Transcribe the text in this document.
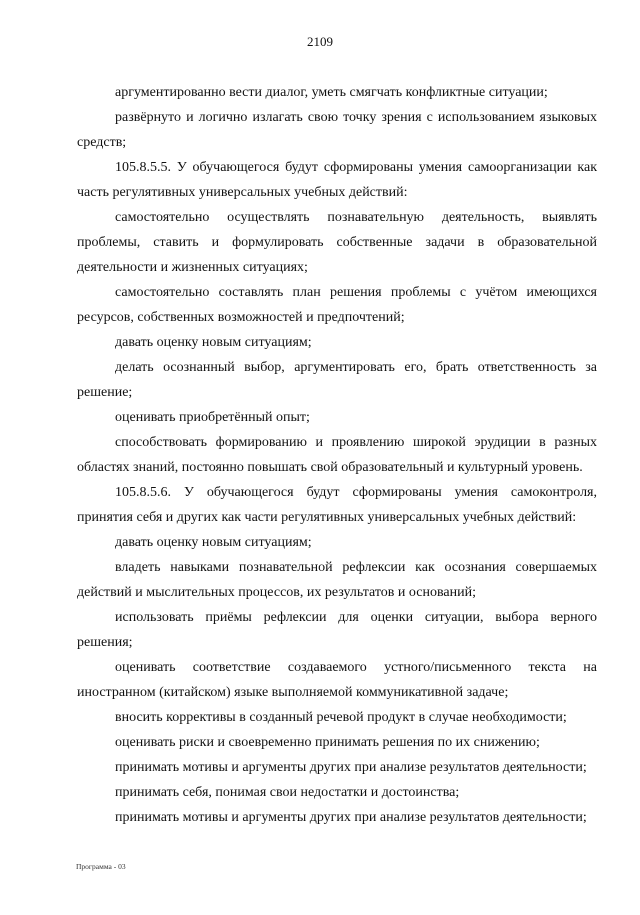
2109

аргументированно вести диалог, уметь смягчать конфликтные ситуации;

развёрнуто и логично излагать свою точку зрения с использованием языковых средств;

105.8.5.5. У обучающегося будут сформированы умения самоорганизации как часть регулятивных универсальных учебных действий:

самостоятельно осуществлять познавательную деятельность, выявлять проблемы, ставить и формулировать собственные задачи в образовательной деятельности и жизненных ситуациях;

самостоятельно составлять план решения проблемы с учётом имеющихся ресурсов, собственных возможностей и предпочтений;

давать оценку новым ситуациям;

делать осознанный выбор, аргументировать его, брать ответственность за решение;

оценивать приобретённый опыт;

способствовать формированию и проявлению широкой эрудиции в разных областях знаний, постоянно повышать свой образовательный и культурный уровень.

105.8.5.6. У обучающегося будут сформированы умения самоконтроля, принятия себя и других как части регулятивных универсальных учебных действий:

давать оценку новым ситуациям;

владеть навыками познавательной рефлексии как осознания совершаемых действий и мыслительных процессов, их результатов и оснований;

использовать приёмы рефлексии для оценки ситуации, выбора верного решения;

оценивать соответствие создаваемого устного/письменного текста на иностранном (китайском) языке выполняемой коммуникативной задаче;

вносить коррективы в созданный речевой продукт в случае необходимости;

оценивать риски и своевременно принимать решения по их снижению;

принимать мотивы и аргументы других при анализе результатов деятельности;

принимать себя, понимая свои недостатки и достоинства;

принимать мотивы и аргументы других при анализе результатов деятельности;

Программа - 03
